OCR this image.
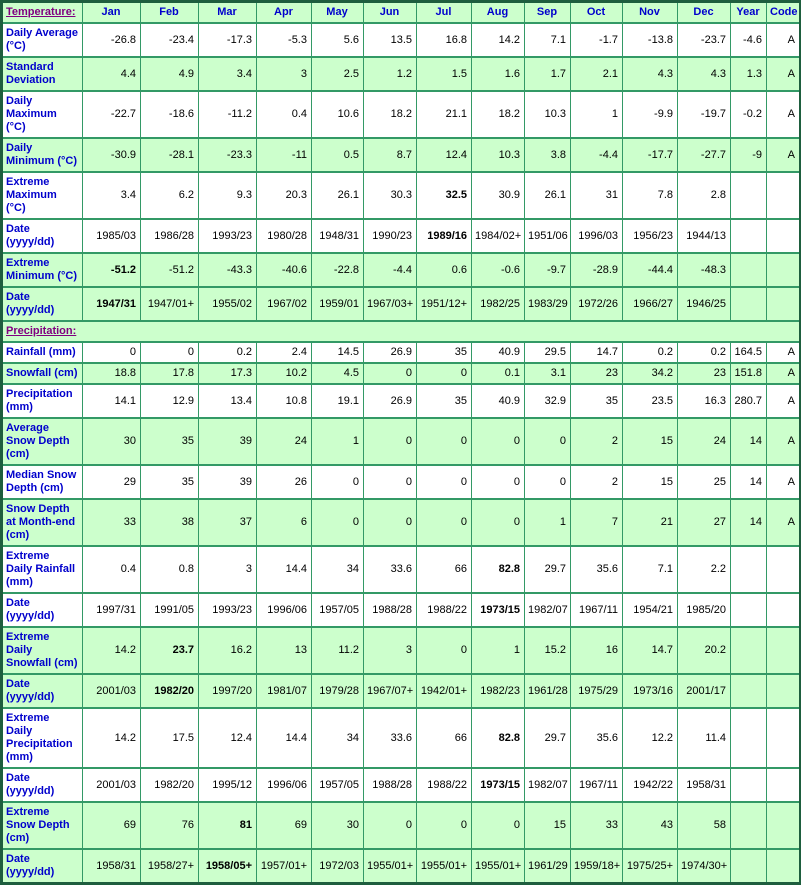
Temperature:	Jan	Feb	Mar	Apr	May	Jun	Jul	Aug	Sep	Oct	Nov	Dec	Year	Code
Daily Average (°C)	-26.8	-23.4	-17.3	-5.3	5.6	13.5	16.8	14.2	7.1	-1.7	-13.8	-23.7	-4.6	A
Standard Deviation	4.4	4.9	3.4	3	2.5	1.2	1.5	1.6	1.7	2.1	4.3	4.3	1.3	A
Daily Maximum (°C)	-22.7	-18.6	-11.2	0.4	10.6	18.2	21.1	18.2	10.3	1	-9.9	-19.7	-0.2	A
Daily Minimum (°C)	-30.9	-28.1	-23.3	-11	0.5	8.7	12.4	10.3	3.8	-4.4	-17.7	-27.7	-9	A
Extreme Maximum (°C)	3.4	6.2	9.3	20.3	26.1	30.3	32.5	30.9	26.1	31	7.8	2.8		
Date (yyyy/dd)	1985/03	1986/28	1993/23	1980/28	1948/31	1990/23	1989/16	1984/02+	1951/06	1996/03	1956/23	1944/13		
Extreme Minimum (°C)	-51.2	-51.2	-43.3	-40.6	-22.8	-4.4	0.6	-0.6	-9.7	-28.9	-44.4	-48.3		
Date (yyyy/dd)	1947/31	1947/01+	1955/02	1967/02	1959/01	1967/03+	1951/12+	1982/25	1983/29	1972/26	1966/27	1946/25		
Precipitation:														
Rainfall (mm)	0	0	0.2	2.4	14.5	26.9	35	40.9	29.5	14.7	0.2	0.2	164.5	A
Snowfall (cm)	18.8	17.8	17.3	10.2	4.5	0	0	0.1	3.1	23	34.2	23	151.8	A
Precipitation (mm)	14.1	12.9	13.4	10.8	19.1	26.9	35	40.9	32.9	35	23.5	16.3	280.7	A
Average Snow Depth (cm)	30	35	39	24	1	0	0	0	0	2	15	24	14	A
Median Snow Depth (cm)	29	35	39	26	0	0	0	0	0	2	15	25	14	A
Snow Depth at Month-end (cm)	33	38	37	6	0	0	0	0	1	7	21	27	14	A
Extreme Daily Rainfall (mm)	0.4	0.8	3	14.4	34	33.6	66	82.8	29.7	35.6	7.1	2.2		
Date (yyyy/dd)	1997/31	1991/05	1993/23	1996/06	1957/05	1988/28	1988/22	1973/15	1982/07	1967/11	1954/21	1985/20		
Extreme Daily Snowfall (cm)	14.2	23.7	16.2	13	11.2	3	0	1	15.2	16	14.7	20.2		
Date (yyyy/dd)	2001/03	1982/20	1997/20	1981/07	1979/28	1967/07+	1942/01+	1982/23	1961/28	1975/29	1973/16	2001/17		
Extreme Daily Precipitation (mm)	14.2	17.5	12.4	14.4	34	33.6	66	82.8	29.7	35.6	12.2	11.4		
Date (yyyy/dd)	2001/03	1982/20	1995/12	1996/06	1957/05	1988/28	1988/22	1973/15	1982/07	1967/11	1942/22	1958/31		
Extreme Snow Depth (cm)	69	76	81	69	30	0	0	0	15	33	43	58		
Date (yyyy/dd)	1958/31	1958/27+	1958/05+	1957/01+	1972/03	1955/01+	1955/01+	1955/01+	1961/29	1959/18+	1975/25+	1974/30+		
